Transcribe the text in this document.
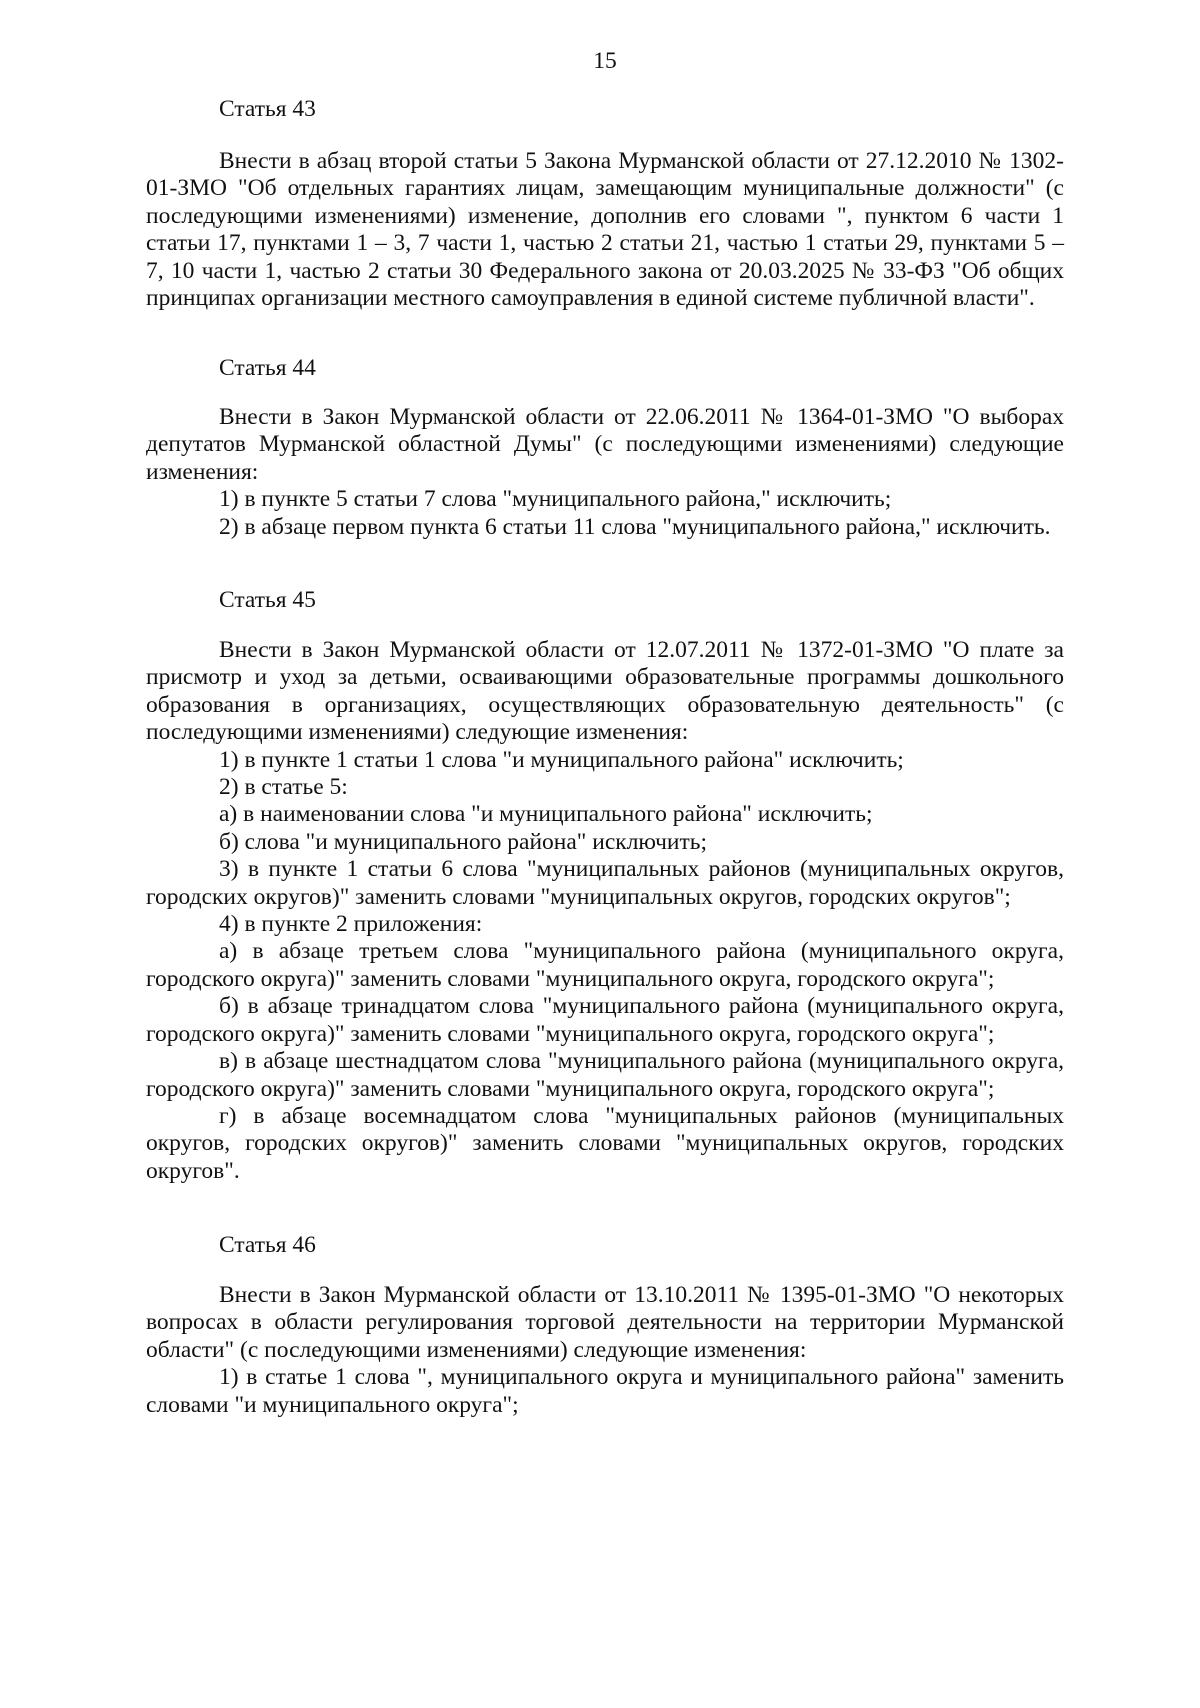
15
Статья 43

Внести в абзац второй статьи 5 Закона Мурманской области от 27.12.2010 № 1302-01-ЗМО "Об отдельных гарантиях лицам, замещающим муниципальные должности" (с последующими изменениями) изменение, дополнив его словами ", пунктом 6 части 1 статьи 17, пунктами 1 – 3, 7 части 1, частью 2 статьи 21, частью 1 статьи 29, пунктами 5 – 7, 10 части 1, частью 2 статьи 30 Федерального закона от 20.03.2025 № 33-ФЗ "Об общих принципах организации местного самоуправления в единой системе публичной власти".

Статья 44

Внести в Закон Мурманской области от 22.06.2011 № 1364-01-ЗМО "О выборах депутатов Мурманской областной Думы" (с последующими изменениями) следующие изменения:

1) в пункте 5 статьи 7 слова "муниципального района," исключить;

2) в абзаце первом пункта 6 статьи 11 слова "муниципального района," исключить.

Статья 45

Внести в Закон Мурманской области от 12.07.2011 № 1372-01-ЗМО "О плате за присмотр и уход за детьми, осваивающими образовательные программы дошкольного образования в организациях, осуществляющих образовательную деятельность" (с последующими изменениями) следующие изменения:

1) в пункте 1 статьи 1 слова "и муниципального района" исключить;

2) в статье 5:

а) в наименовании слова "и муниципального района" исключить;

б) слова "и муниципального района" исключить;

3) в пункте 1 статьи 6 слова "муниципальных районов (муниципальных округов, городских округов)" заменить словами "муниципальных округов, городских округов";

4) в пункте 2 приложения:

а) в абзаце третьем слова "муниципального района (муниципального округа, городского округа)" заменить словами "муниципального округа, городского округа";

б) в абзаце тринадцатом слова "муниципального района (муниципального округа, городского округа)" заменить словами "муниципального округа, городского округа";

в) в абзаце шестнадцатом слова "муниципального района (муниципального округа, городского округа)" заменить словами "муниципального округа, городского округа";

г) в абзаце восемнадцатом слова "муниципальных районов (муниципальных округов, городских округов)" заменить словами "муниципальных округов, городских округов".

Статья 46

Внести в Закон Мурманской области от 13.10.2011 № 1395-01-ЗМО "О некоторых вопросах в области регулирования торговой деятельности на территории Мурманской области" (с последующими изменениями) следующие изменения:

1) в статье 1 слова ", муниципального округа и муниципального района" заменить словами "и муниципального округа";
